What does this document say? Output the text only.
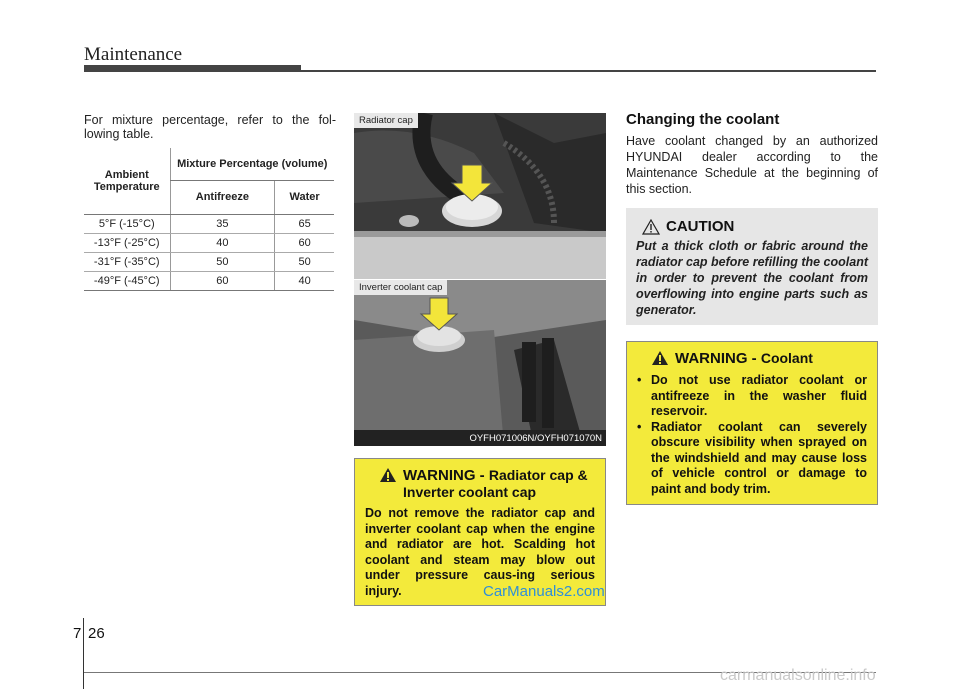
Maintenance

For mixture percentage, refer to the fol-lowing table.

Ambient Temperature	Mixture Percentage (volume)	
	Antifreeze	Water
5°F (-15°C)	35	65
-13°F (-25°C)	40	60
-31°F (-35°C)	50	50
-49°F (-45°C)	60	40
Radiator cap
Inverter coolant cap
OYFH071006N/OYFH071070N
WARNING - Radiator cap &
Inverter coolant cap

Do not remove the radiator cap and inverter coolant cap when the engine and radiator are hot. Scalding hot coolant and steam may blow out under pressure caus-ing serious injury.	CarManuals2.com
Changing the coolant

Have coolant changed by an authorized HYUNDAI dealer according to the Maintenance Schedule at the beginning of this section.

CAUTION

Put a thick cloth or fabric around the radiator cap before refilling the coolant in order to prevent the coolant from overflowing into engine parts such as generator.

WARNING - Coolant
• Do not use radiator coolant or antifreeze in the washer fluid reservoir.
• Radiator coolant can severely obscure visibility when sprayed on the windshield and may cause loss of vehicle control or damage to paint and body trim.
7 26
carmanualsonline.info
